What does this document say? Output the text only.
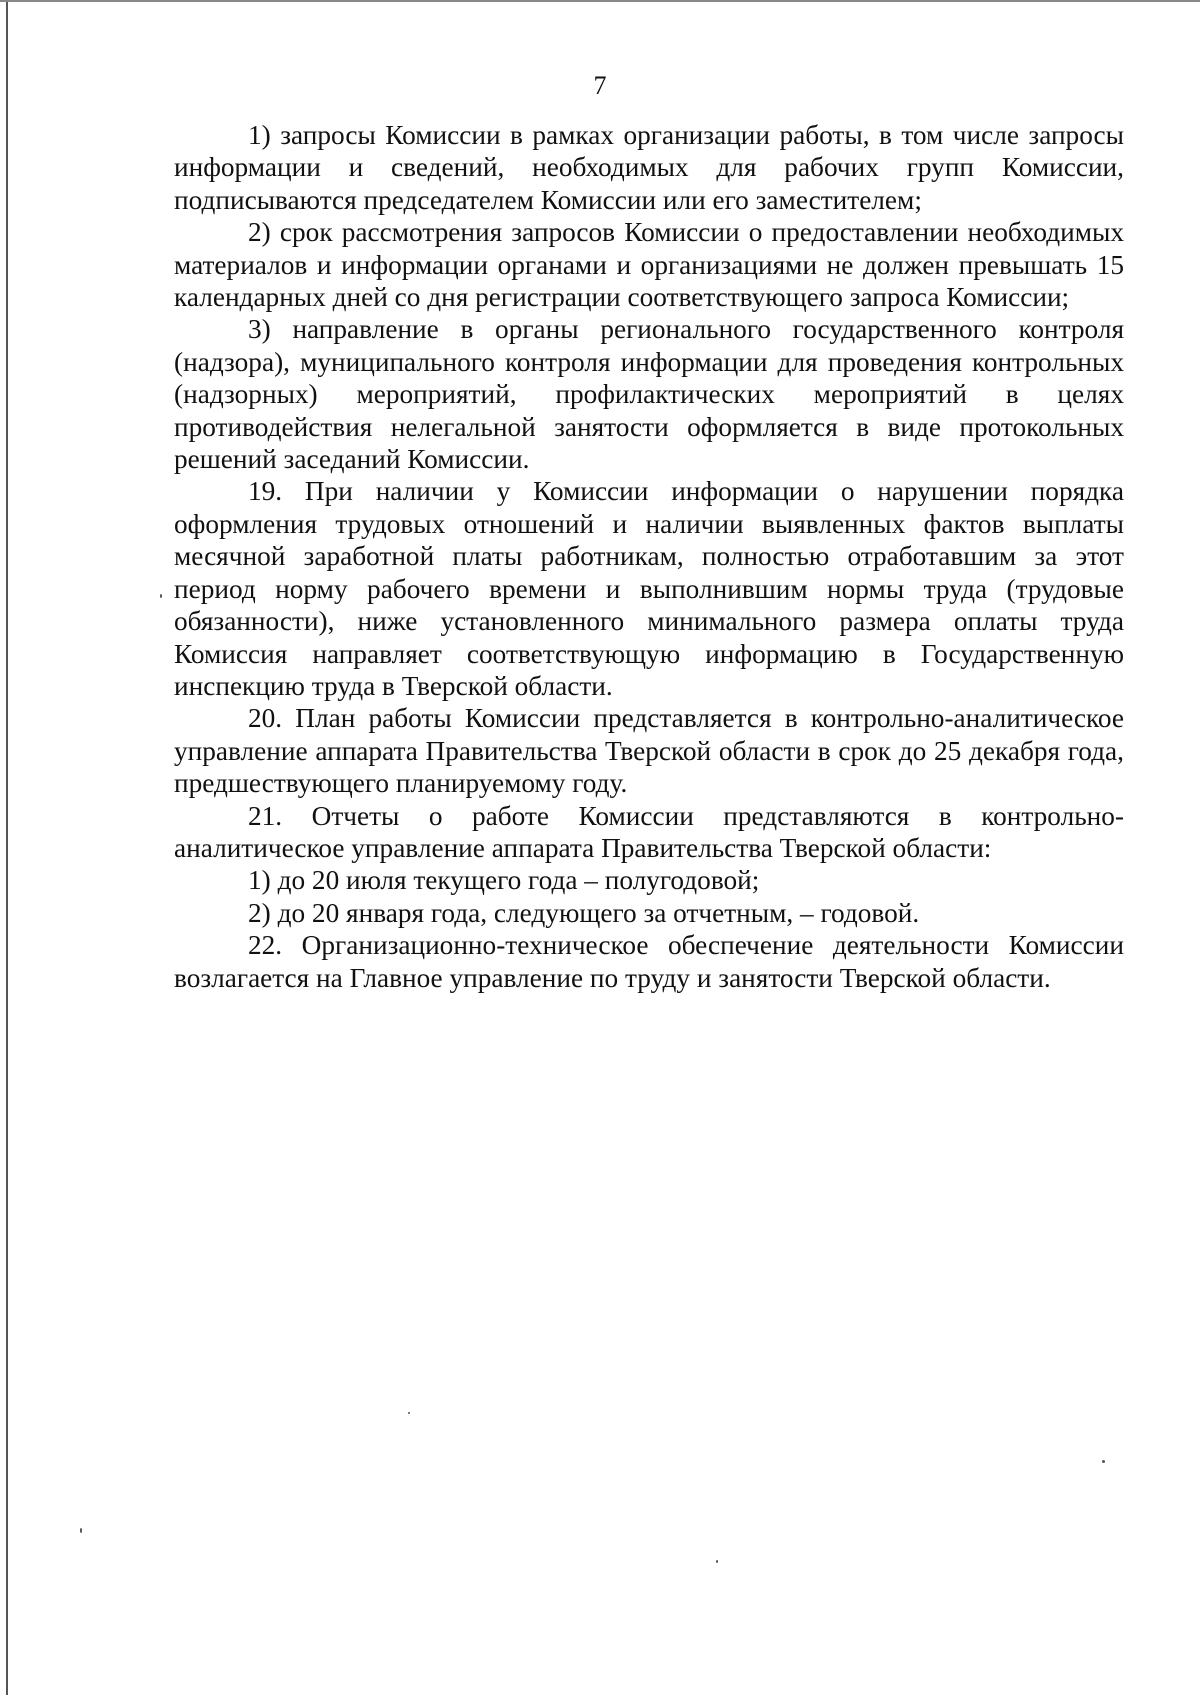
7

1) запросы Комиссии в рамках организации работы, в том числе запросы информации и сведений, необходимых для рабочих групп Комиссии, подписываются председателем Комиссии или его заместителем;

2) срок рассмотрения запросов Комиссии о предоставлении необходимых материалов и информации органами и организациями не должен превышать 15 календарных дней со дня регистрации соответствующего запроса Комиссии;

3) направление в органы регионального государственного контроля (надзора), муниципального контроля информации для проведения контрольных (надзорных) мероприятий, профилактических мероприятий в целях противодействия нелегальной занятости оформляется в виде протокольных решений заседаний Комиссии.

19. При наличии у Комиссии информации о нарушении порядка оформления трудовых отношений и наличии выявленных фактов выплаты месячной заработной платы работникам, полностью отработавшим за этот период норму рабочего времени и выполнившим нормы труда (трудовые обязанности), ниже установленного минимального размера оплаты труда Комиссия направляет соответствующую информацию в Государственную инспекцию труда в Тверской области.

20. План работы Комиссии представляется в контрольно-аналитическое управление аппарата Правительства Тверской области в срок до 25 декабря года, предшествующего планируемому году.

21. Отчеты о работе Комиссии представляются в контрольно-аналитическое управление аппарата Правительства Тверской области:

1) до 20 июля текущего года – полугодовой;

2) до 20 января года, следующего за отчетным, – годовой.

22. Организационно-техническое обеспечение деятельности Комиссии возлагается на Главное управление по труду и занятости Тверской области.
